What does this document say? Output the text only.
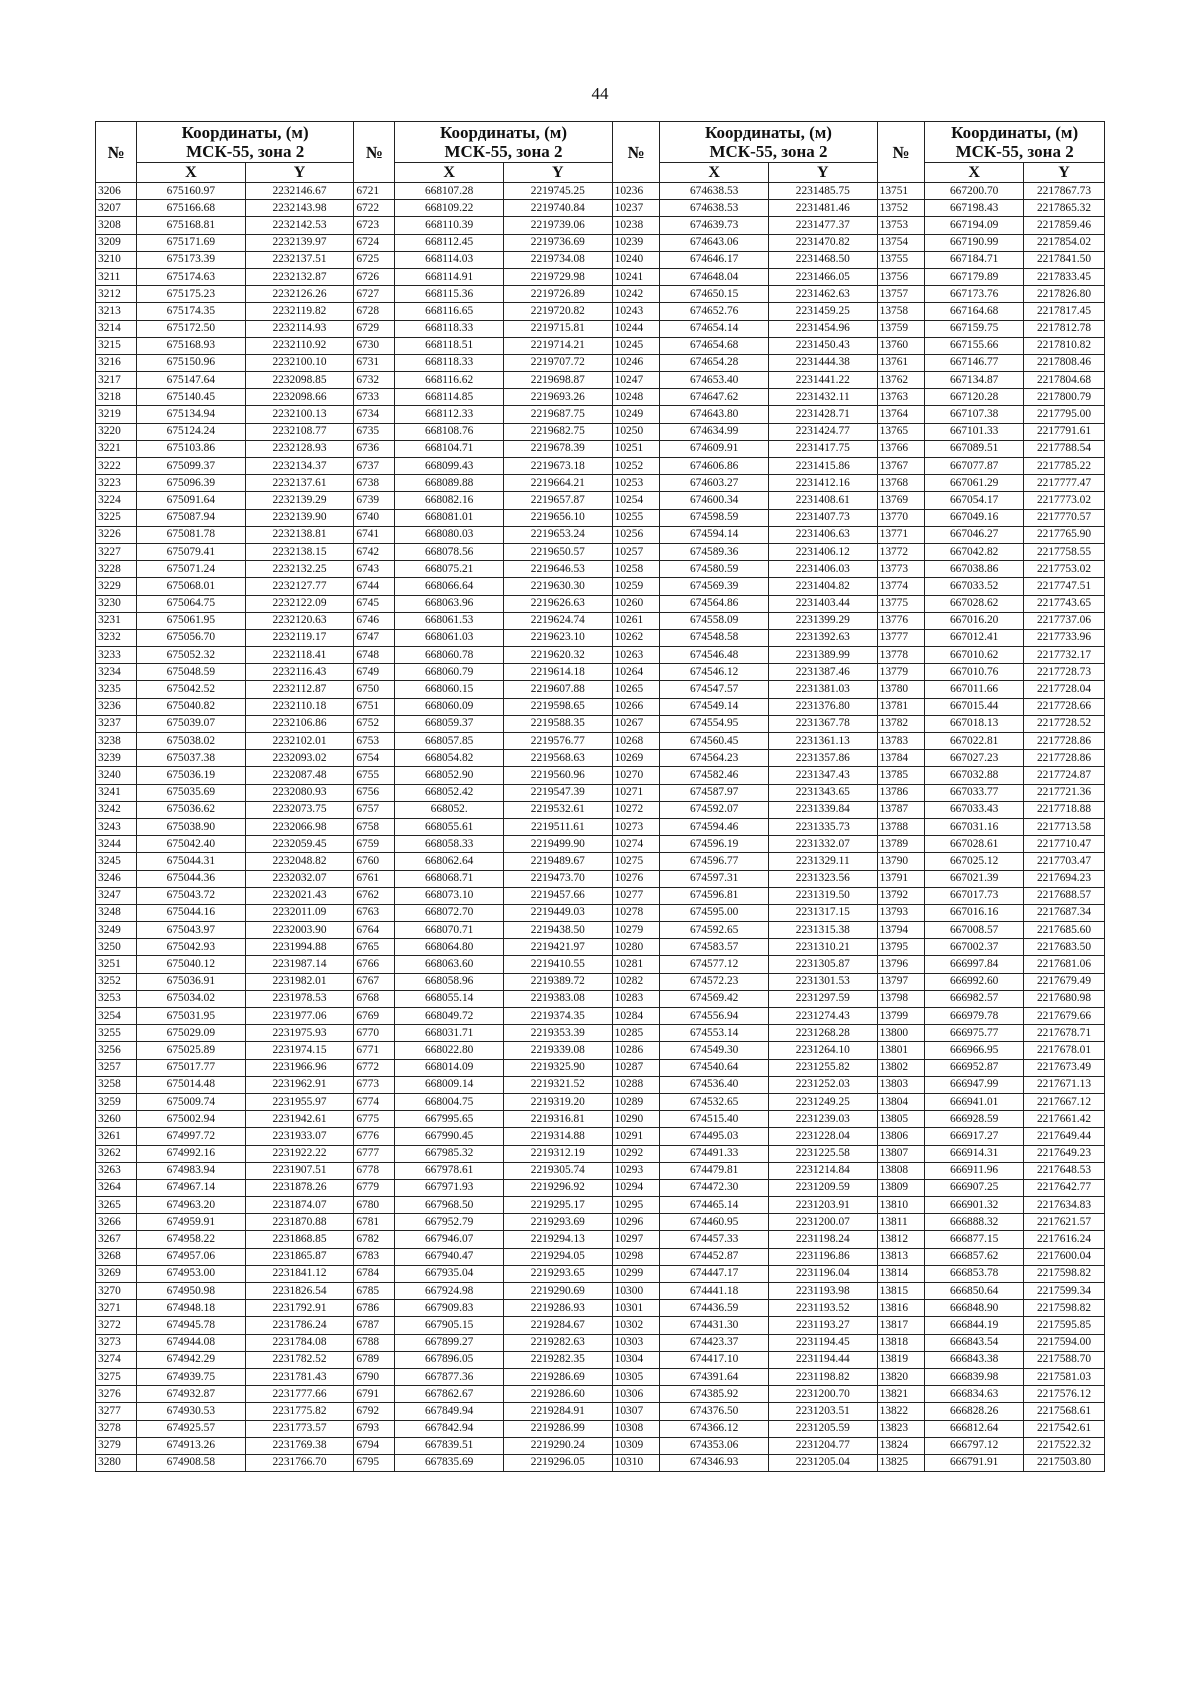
44
№	Координаты, (м)
МСК-55, зона 2		№	Координаты, (м)
МСК-55, зона 2		№	Координаты, (м)
МСК-55, зона 2		№	Координаты, (м)
МСК-55, зона 2	
	X	Y		X	Y		X	Y		X	Y
3206	675160.97	2232146.67	6721	668107.28	2219745.25	10236	674638.53	2231485.75	13751	667200.70	2217867.73
3207	675166.68	2232143.98	6722	668109.22	2219740.84	10237	674638.53	2231481.46	13752	667198.43	2217865.32
3208	675168.81	2232142.53	6723	668110.39	2219739.06	10238	674639.73	2231477.37	13753	667194.09	2217859.46
3209	675171.69	2232139.97	6724	668112.45	2219736.69	10239	674643.06	2231470.82	13754	667190.99	2217854.02
3210	675173.39	2232137.51	6725	668114.03	2219734.08	10240	674646.17	2231468.50	13755	667184.71	2217841.50
3211	675174.63	2232132.87	6726	668114.91	2219729.98	10241	674648.04	2231466.05	13756	667179.89	2217833.45
3212	675175.23	2232126.26	6727	668115.36	2219726.89	10242	674650.15	2231462.63	13757	667173.76	2217826.80
3213	675174.35	2232119.82	6728	668116.65	2219720.82	10243	674652.76	2231459.25	13758	667164.68	2217817.45
3214	675172.50	2232114.93	6729	668118.33	2219715.81	10244	674654.14	2231454.96	13759	667159.75	2217812.78
3215	675168.93	2232110.92	6730	668118.51	2219714.21	10245	674654.68	2231450.43	13760	667155.66	2217810.82
3216	675150.96	2232100.10	6731	668118.33	2219707.72	10246	674654.28	2231444.38	13761	667146.77	2217808.46
3217	675147.64	2232098.85	6732	668116.62	2219698.87	10247	674653.40	2231441.22	13762	667134.87	2217804.68
3218	675140.45	2232098.66	6733	668114.85	2219693.26	10248	674647.62	2231432.11	13763	667120.28	2217800.79
3219	675134.94	2232100.13	6734	668112.33	2219687.75	10249	674643.80	2231428.71	13764	667107.38	2217795.00
3220	675124.24	2232108.77	6735	668108.76	2219682.75	10250	674634.99	2231424.77	13765	667101.33	2217791.61
3221	675103.86	2232128.93	6736	668104.71	2219678.39	10251	674609.91	2231417.75	13766	667089.51	2217788.54
3222	675099.37	2232134.37	6737	668099.43	2219673.18	10252	674606.86	2231415.86	13767	667077.87	2217785.22
3223	675096.39	2232137.61	6738	668089.88	2219664.21	10253	674603.27	2231412.16	13768	667061.29	2217777.47
3224	675091.64	2232139.29	6739	668082.16	2219657.87	10254	674600.34	2231408.61	13769	667054.17	2217773.02
3225	675087.94	2232139.90	6740	668081.01	2219656.10	10255	674598.59	2231407.73	13770	667049.16	2217770.57
3226	675081.78	2232138.81	6741	668080.03	2219653.24	10256	674594.14	2231406.63	13771	667046.27	2217765.90
3227	675079.41	2232138.15	6742	668078.56	2219650.57	10257	674589.36	2231406.12	13772	667042.82	2217758.55
3228	675071.24	2232132.25	6743	668075.21	2219646.53	10258	674580.59	2231406.03	13773	667038.86	2217753.02
3229	675068.01	2232127.77	6744	668066.64	2219630.30	10259	674569.39	2231404.82	13774	667033.52	2217747.51
3230	675064.75	2232122.09	6745	668063.96	2219626.63	10260	674564.86	2231403.44	13775	667028.62	2217743.65
3231	675061.95	2232120.63	6746	668061.53	2219624.74	10261	674558.09	2231399.29	13776	667016.20	2217737.06
3232	675056.70	2232119.17	6747	668061.03	2219623.10	10262	674548.58	2231392.63	13777	667012.41	2217733.96
3233	675052.32	2232118.41	6748	668060.78	2219620.32	10263	674546.48	2231389.99	13778	667010.62	2217732.17
3234	675048.59	2232116.43	6749	668060.79	2219614.18	10264	674546.12	2231387.46	13779	667010.76	2217728.73
3235	675042.52	2232112.87	6750	668060.15	2219607.88	10265	674547.57	2231381.03	13780	667011.66	2217728.04
3236	675040.82	2232110.18	6751	668060.09	2219598.65	10266	674549.14	2231376.80	13781	667015.44	2217728.66
3237	675039.07	2232106.86	6752	668059.37	2219588.35	10267	674554.95	2231367.78	13782	667018.13	2217728.52
3238	675038.02	2232102.01	6753	668057.85	2219576.77	10268	674560.45	2231361.13	13783	667022.81	2217728.86
3239	675037.38	2232093.02	6754	668054.82	2219568.63	10269	674564.23	2231357.86	13784	667027.23	2217728.86
3240	675036.19	2232087.48	6755	668052.90	2219560.96	10270	674582.46	2231347.43	13785	667032.88	2217724.87
3241	675035.69	2232080.93	6756	668052.42	2219547.39	10271	674587.97	2231343.65	13786	667033.77	2217721.36
3242	675036.62	2232073.75	6757	668052.	2219532.61	10272	674592.07	2231339.84	13787	667033.43	2217718.88
3243	675038.90	2232066.98	6758	668055.61	2219511.61	10273	674594.46	2231335.73	13788	667031.16	2217713.58
3244	675042.40	2232059.45	6759	668058.33	2219499.90	10274	674596.19	2231332.07	13789	667028.61	2217710.47
3245	675044.31	2232048.82	6760	668062.64	2219489.67	10275	674596.77	2231329.11	13790	667025.12	2217703.47
3246	675044.36	2232032.07	6761	668068.71	2219473.70	10276	674597.31	2231323.56	13791	667021.39	2217694.23
3247	675043.72	2232021.43	6762	668073.10	2219457.66	10277	674596.81	2231319.50	13792	667017.73	2217688.57
3248	675044.16	2232011.09	6763	668072.70	2219449.03	10278	674595.00	2231317.15	13793	667016.16	2217687.34
3249	675043.97	2232003.90	6764	668070.71	2219438.50	10279	674592.65	2231315.38	13794	667008.57	2217685.60
3250	675042.93	2231994.88	6765	668064.80	2219421.97	10280	674583.57	2231310.21	13795	667002.37	2217683.50
3251	675040.12	2231987.14	6766	668063.60	2219410.55	10281	674577.12	2231305.87	13796	666997.84	2217681.06
3252	675036.91	2231982.01	6767	668058.96	2219389.72	10282	674572.23	2231301.53	13797	666992.60	2217679.49
3253	675034.02	2231978.53	6768	668055.14	2219383.08	10283	674569.42	2231297.59	13798	666982.57	2217680.98
3254	675031.95	2231977.06	6769	668049.72	2219374.35	10284	674556.94	2231274.43	13799	666979.78	2217679.66
3255	675029.09	2231975.93	6770	668031.71	2219353.39	10285	674553.14	2231268.28	13800	666975.77	2217678.71
3256	675025.89	2231974.15	6771	668022.80	2219339.08	10286	674549.30	2231264.10	13801	666966.95	2217678.01
3257	675017.77	2231966.96	6772	668014.09	2219325.90	10287	674540.64	2231255.82	13802	666952.87	2217673.49
3258	675014.48	2231962.91	6773	668009.14	2219321.52	10288	674536.40	2231252.03	13803	666947.99	2217671.13
3259	675009.74	2231955.97	6774	668004.75	2219319.20	10289	674532.65	2231249.25	13804	666941.01	2217667.12
3260	675002.94	2231942.61	6775	667995.65	2219316.81	10290	674515.40	2231239.03	13805	666928.59	2217661.42
3261	674997.72	2231933.07	6776	667990.45	2219314.88	10291	674495.03	2231228.04	13806	666917.27	2217649.44
3262	674992.16	2231922.22	6777	667985.32	2219312.19	10292	674491.33	2231225.58	13807	666914.31	2217649.23
3263	674983.94	2231907.51	6778	667978.61	2219305.74	10293	674479.81	2231214.84	13808	666911.96	2217648.53
3264	674967.14	2231878.26	6779	667971.93	2219296.92	10294	674472.30	2231209.59	13809	666907.25	2217642.77
3265	674963.20	2231874.07	6780	667968.50	2219295.17	10295	674465.14	2231203.91	13810	666901.32	2217634.83
3266	674959.91	2231870.88	6781	667952.79	2219293.69	10296	674460.95	2231200.07	13811	666888.32	2217621.57
3267	674958.22	2231868.85	6782	667946.07	2219294.13	10297	674457.33	2231198.24	13812	666877.15	2217616.24
3268	674957.06	2231865.87	6783	667940.47	2219294.05	10298	674452.87	2231196.86	13813	666857.62	2217600.04
3269	674953.00	2231841.12	6784	667935.04	2219293.65	10299	674447.17	2231196.04	13814	666853.78	2217598.82
3270	674950.98	2231826.54	6785	667924.98	2219290.69	10300	674441.18	2231193.98	13815	666850.64	2217599.34
3271	674948.18	2231792.91	6786	667909.83	2219286.93	10301	674436.59	2231193.52	13816	666848.90	2217598.82
3272	674945.78	2231786.24	6787	667905.15	2219284.67	10302	674431.30	2231193.27	13817	666844.19	2217595.85
3273	674944.08	2231784.08	6788	667899.27	2219282.63	10303	674423.37	2231194.45	13818	666843.54	2217594.00
3274	674942.29	2231782.52	6789	667896.05	2219282.35	10304	674417.10	2231194.44	13819	666843.38	2217588.70
3275	674939.75	2231781.43	6790	667877.36	2219286.69	10305	674391.64	2231198.82	13820	666839.98	2217581.03
3276	674932.87	2231777.66	6791	667862.67	2219286.60	10306	674385.92	2231200.70	13821	666834.63	2217576.12
3277	674930.53	2231775.82	6792	667849.94	2219284.91	10307	674376.50	2231203.51	13822	666828.26	2217568.61
3278	674925.57	2231773.57	6793	667842.94	2219286.99	10308	674366.12	2231205.59	13823	666812.64	2217542.61
3279	674913.26	2231769.38	6794	667839.51	2219290.24	10309	674353.06	2231204.77	13824	666797.12	2217522.32
3280	674908.58	2231766.70	6795	667835.69	2219296.05	10310	674346.93	2231205.04	13825	666791.91	2217503.80
